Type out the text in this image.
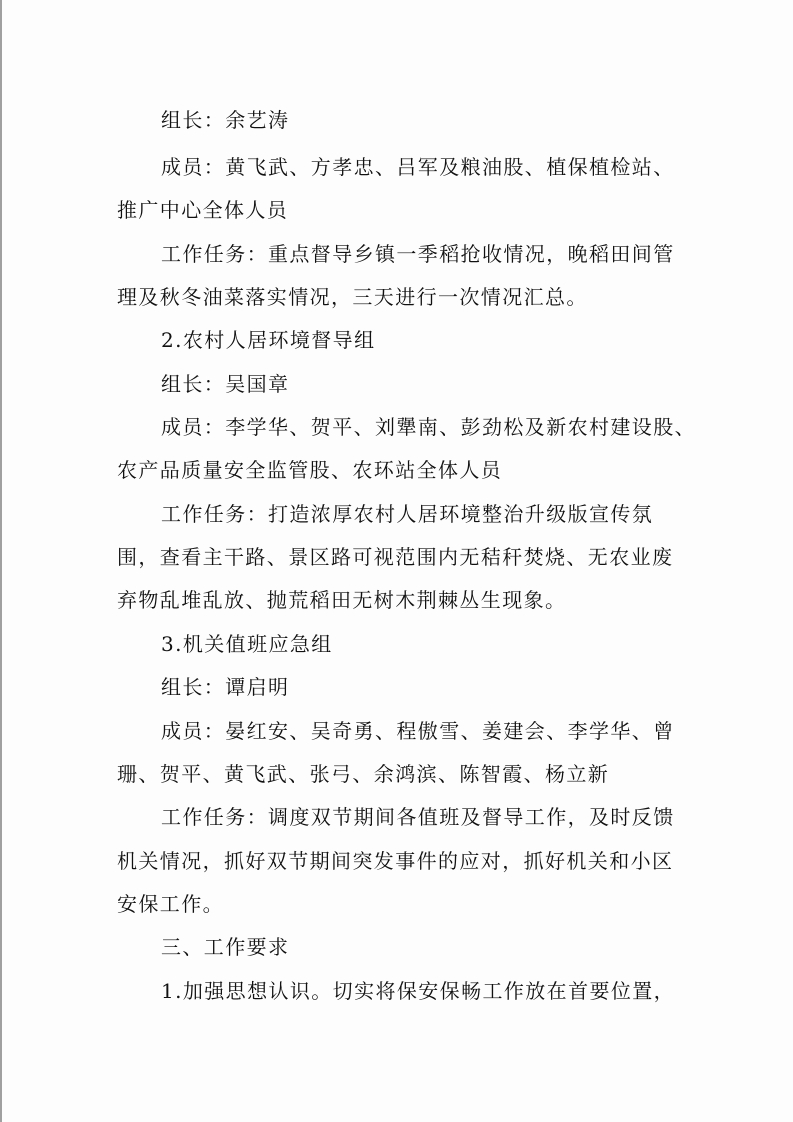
组长：余艺涛
成员：黄飞武、方孝忠、吕军及粮油股、植保植检站、
推广中心全体人员
工作任务：重点督导乡镇一季稻抢收情况，晚稻田间管
理及秋冬油菜落实情况，三天进行一次情况汇总。
2.农村人居环境督导组
组长：吴国章
成员：李学华、贺平、刘犟南、彭劲松及新农村建设股、
农产品质量安全监管股、农环站全体人员
工作任务：打造浓厚农村人居环境整治升级版宣传氛
围，查看主干路、景区路可视范围内无秸秆焚烧、无农业废
弃物乱堆乱放、抛荒稻田无树木荆棘丛生现象。
3.机关值班应急组
组长：谭启明
成员：晏红安、吴奇勇、程傲雪、姜建会、李学华、曾
珊、贺平、黄飞武、张弓、余鸿滨、陈智霞、杨立新
工作任务：调度双节期间各值班及督导工作，及时反馈
机关情况，抓好双节期间突发事件的应对，抓好机关和小区
安保工作。
三、工作要求
1.加强思想认识。切实将保安保畅工作放在首要位置，
